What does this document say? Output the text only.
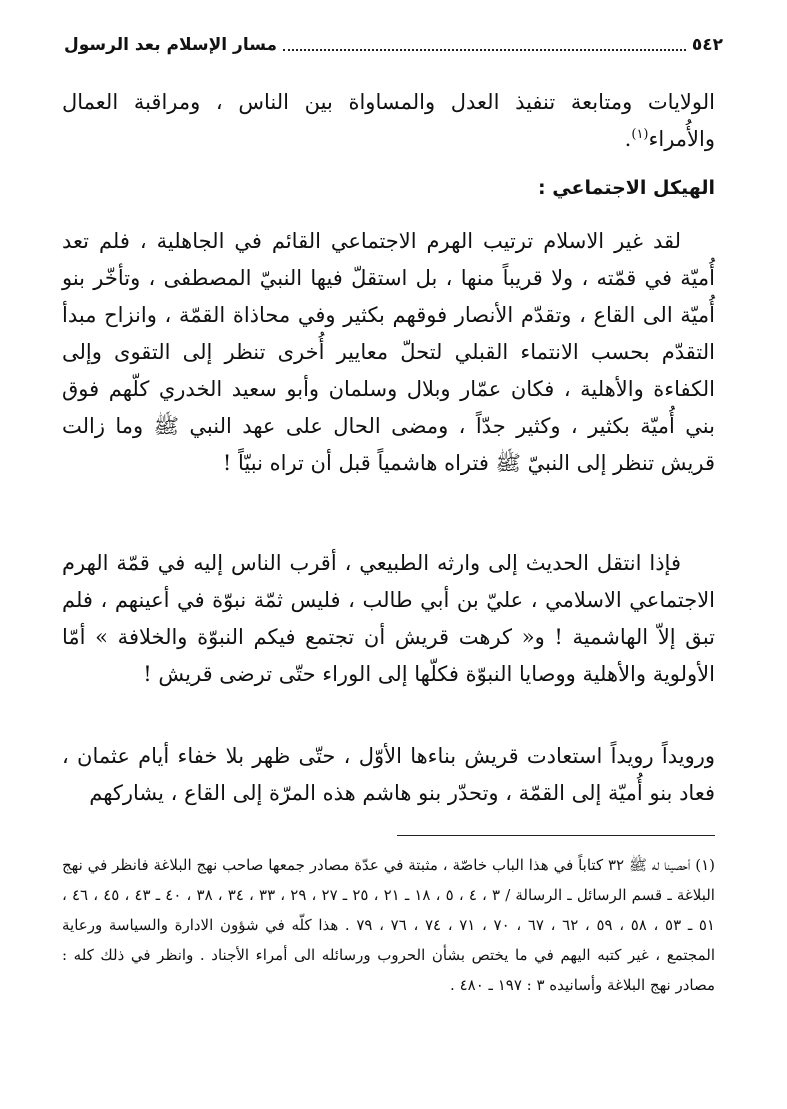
٥٤٢
مسار الإسلام بعد الرسول

الولايات ومتابعة تنفيذ العدل والمساواة بين الناس ، ومراقبة العمال والأُمراء$^{(١)}$.

الهيكل الاجتماعي :

لقد غير الاسلام ترتيب الهرم الاجتماعي القائم في الجاهلية ، فلم تعد أُميّة في قمّته ، ولا قريباً منها ، بل استقلّ فيها النبيّ المصطفى ، وتأخّر بنو أُميّة الى القاع ، وتقدّم الأنصار فوقهم بكثير وفي محاذاة القمّة ، وانزاح مبدأ التقدّم بحسب الانتماء القبلي لتحلّ معايير أُخرى تنظر إلى التقوى وإلى الكفاءة والأهلية ، فكان عمّار وبلال وسلمان وأبو سعيد الخدري كلّهم فوق بني أُميّة بكثير ، وكثير جدّاً ، ومضى الحال على عهد النبي ﷺ وما زالت قريش تنظر إلى النبيّ ﷺ فتراه هاشمياً قبل أن تراه نبيّاً !

فإذا انتقل الحديث إلى وارثه الطبيعي ، أقرب الناس إليه في قمّة الهرم الاجتماعي الاسلامي ، عليّ بن أبي طالب ، فليس ثمّة نبوّة في أعينهم ، فلم تبق إلاّ الهاشمية ! و« كرهت قريش أن تجتمع فيكم النبوّة والخلافة » أمّا الأولوية والأهلية ووصايا النبوّة فكلّها إلى الوراء حتّى ترضى قريش !

ورويداً رويداً استعادت قريش بناءها الأوّل ، حتّى ظهر بلا خفاء أيام عثمان ، فعاد بنو أُميّة إلى القمّة ، وتحدّر بنو هاشم هذه المرّة إلى القاع ، يشاركهم

(١) أحصينا له ﷺ ٣٢ كتاباً في هذا الباب خاصّة ، مثبتة في عدّة مصادر جمعها صاحب نهج البلاغة فانظر في نهج البلاغة ـ قسم الرسائل ـ الرسالة / ٣ ، ٤ ، ٥ ، ١٨ ـ ٢١ ، ٢٥ ـ ٢٧ ، ٢٩ ، ٣٣ ، ٣٤ ، ٣٨ ، ٤٠ ـ ٤٣ ، ٤٥ ، ٤٦ ، ٥١ ـ ٥٣ ، ٥٨ ، ٥٩ ، ٦٢ ، ٦٧ ، ٧٠ ، ٧١ ، ٧٤ ، ٧٦ ، ٧٩ . هذا كلّه في شؤون الادارة والسياسة ورعاية المجتمع ، غير كتبه اليهم في ما يختص بشأن الحروب ورسائله الى أمراء الأجناد . وانظر في ذلك كله : مصادر نهج البلاغة وأسانيده ٣ : ١٩٧ ـ ٤٨٠ .
